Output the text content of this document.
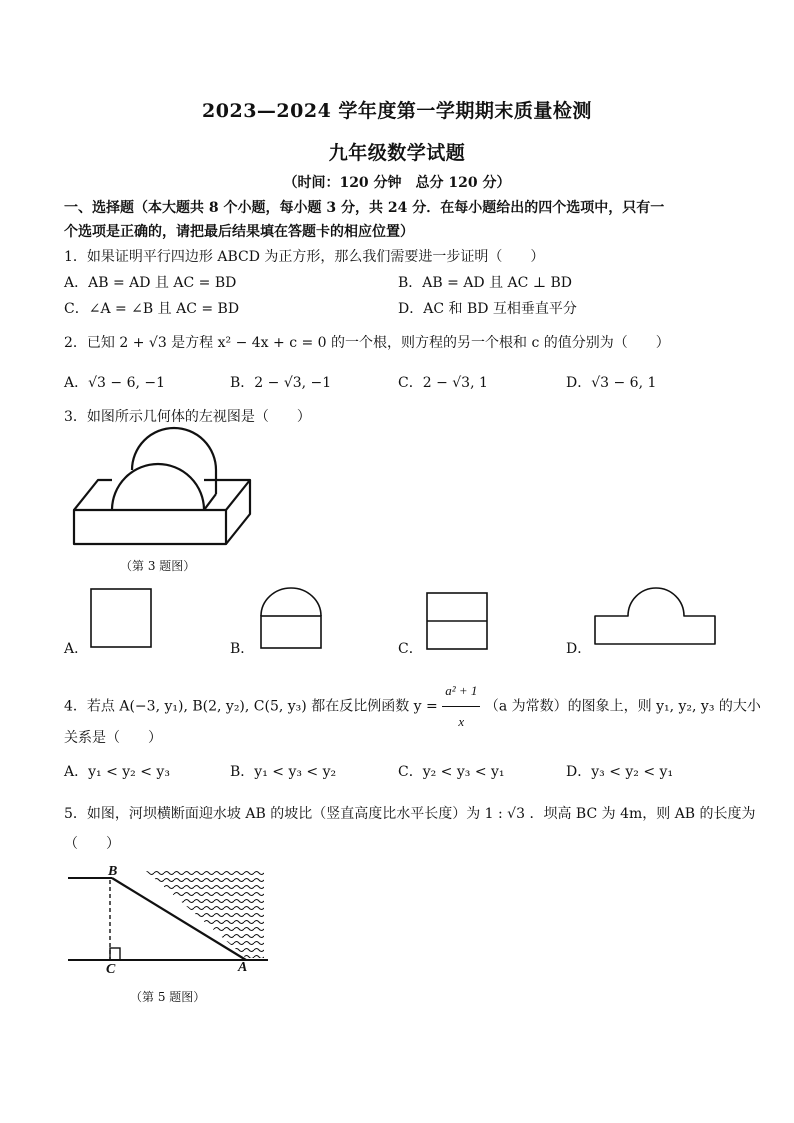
2023—2024 学年度第一学期期末质量检测
九年级数学试题
（时间：120 分钟　总分 120 分）
一、选择题（本大题共 8 个小题，每小题 3 分，共 24 分．在每小题给出的四个选项中，只有一
个选项是正确的，请把最后结果填在答题卡的相应位置）
1．如果证明平行四边形 ABCD 为正方形，那么我们需要进一步证明（　　）
A．AB = AD 且 AC = BD	B．AB = AD 且 AC ⊥ BD
C．∠A = ∠B 且 AC = BD	D．AC 和 BD 互相垂直平分
2．已知 2 + √3 是方程 x² − 4x + c = 0 的一个根，则方程的另一个根和 c 的值分别为（　　）
A．√3 − 6, −1	B．2 − √3, −1	C．2 − √3, 1	D．√3 − 6, 1
3．如图所示几何体的左视图是（　　）
（第 3 题图）
A．	B．	C．	D．
4．若点 A(−3, y₁), B(2, y₂), C(5, y₃) 都在反比例函数 $y = \frac{\text{a² + 1}}{x} (a$ 为常数）的图象上，则 y₁, y₂, y₃ 的大小
关系是（　　）
A．y₁ < y₂ < y₃	B．y₁ < y₃ < y₂	C．y₂ < y₃ < y₁	D．y₃ < y₂ < y₁
5．如图，河坝横断面迎水坡 AB 的坡比（竖直高度比水平长度）为 1 : √3 ．坝高 BC 为 4m，则 AB 的长度为
（　　）
B
C	A
（第 5 题图）
